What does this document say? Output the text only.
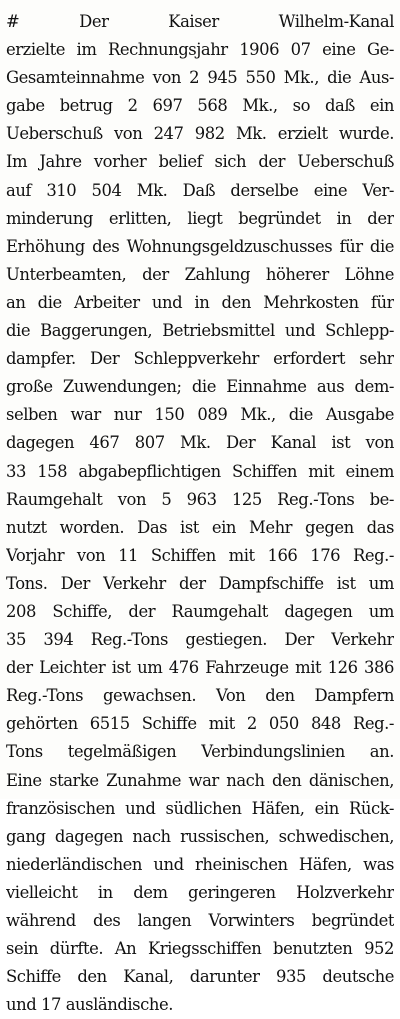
# Der Kaiser Wilhelm-Kanal
erzielte im Rechnungsjahr 1906 07 eine Ge-
Gesamteinnahme von 2 945 550 Mk., die Aus-
gabe betrug 2 697 568 Mk., so daß ein
Ueberschuß von 247 982 Mk. erzielt wurde.
Im Jahre vorher belief sich der Ueberschuß
auf 310 504 Mk. Daß derselbe eine Ver-
minderung erlitten, liegt begründet in der
Erhöhung des Wohnungsgeldzuschusses für die
Unterbeamten, der Zahlung höherer Löhne
an die Arbeiter und in den Mehrkosten für
die Baggerungen, Betriebsmittel und Schlepp-
dampfer. Der Schleppverkehr erfordert sehr
große Zuwendungen; die Einnahme aus dem-
selben war nur 150 089 Mk., die Ausgabe
dagegen 467 807 Mk. Der Kanal ist von
33 158 abgabepflichtigen Schiffen mit einem
Raumgehalt von 5 963 125 Reg.-Tons be-
nutzt worden. Das ist ein Mehr gegen das
Vorjahr von 11 Schiffen mit 166 176 Reg.-
Tons. Der Verkehr der Dampfschiffe ist um
208 Schiffe, der Raumgehalt dagegen um
35 394 Reg.-Tons gestiegen. Der Verkehr
der Leichter ist um 476 Fahrzeuge mit 126 386
Reg.-Tons gewachsen. Von den Dampfern
gehörten 6515 Schiffe mit 2 050 848 Reg.-
Tons tegelmäßigen Verbindungslinien an.
Eine starke Zunahme war nach den dänischen,
französischen und südlichen Häfen, ein Rück-
gang dagegen nach russischen, schwedischen,
niederländischen und rheinischen Häfen, was
vielleicht in dem geringeren Holzverkehr
während des langen Vorwinters begründet
sein dürfte. An Kriegsschiffen benutzten 952
Schiffe den Kanal, darunter 935 deutsche
und 17 ausländische.
